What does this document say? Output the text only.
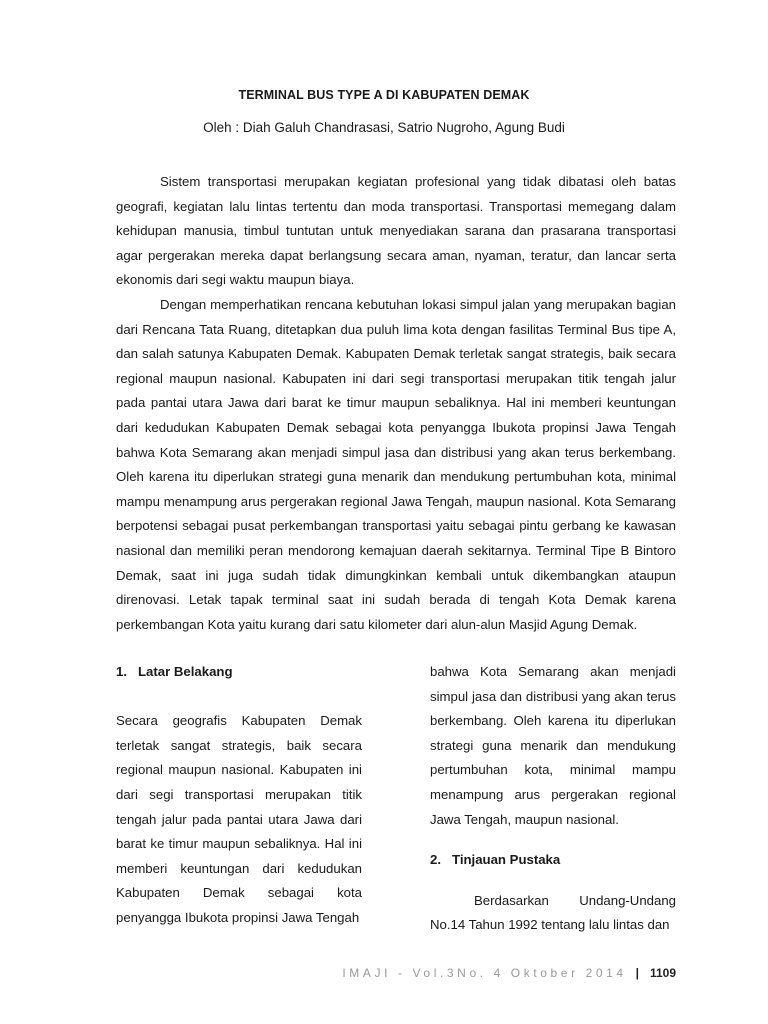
TERMINAL BUS TYPE A DI KABUPATEN DEMAK
Oleh : Diah Galuh Chandrasasi, Satrio Nugroho, Agung Budi

Sistem transportasi merupakan kegiatan profesional yang tidak dibatasi oleh batas geografi, kegiatan lalu lintas tertentu dan moda transportasi. Transportasi memegang dalam kehidupan manusia, timbul tuntutan untuk menyediakan sarana dan prasarana transportasi agar pergerakan mereka dapat berlangsung secara aman, nyaman, teratur, dan lancar serta ekonomis dari segi waktu maupun biaya.

Dengan memperhatikan rencana kebutuhan lokasi simpul jalan yang merupakan bagian dari Rencana Tata Ruang, ditetapkan dua puluh lima kota dengan fasilitas Terminal Bus tipe A, dan salah satunya Kabupaten Demak. Kabupaten Demak terletak sangat strategis, baik secara regional maupun nasional. Kabupaten ini dari segi transportasi merupakan titik tengah jalur pada pantai utara Jawa dari barat ke timur maupun sebaliknya. Hal ini memberi keuntungan dari kedudukan Kabupaten Demak sebagai kota penyangga Ibukota propinsi Jawa Tengah bahwa Kota Semarang akan menjadi simpul jasa dan distribusi yang akan terus berkembang. Oleh karena itu diperlukan strategi guna menarik dan mendukung pertumbuhan kota, minimal mampu menampung arus pergerakan regional Jawa Tengah, maupun nasional. Kota Semarang berpotensi sebagai pusat perkembangan transportasi yaitu sebagai pintu gerbang ke kawasan nasional dan memiliki peran mendorong kemajuan daerah sekitarnya. Terminal Tipe B Bintoro Demak, saat ini juga sudah tidak dimungkinkan kembali untuk dikembangkan ataupun direnovasi. Letak tapak terminal saat ini sudah berada di tengah Kota Demak karena perkembangan Kota yaitu kurang dari satu kilometer dari alun-alun Masjid Agung Demak.

1. Latar Belakang

Secara geografis Kabupaten Demak terletak sangat strategis, baik secara regional maupun nasional. Kabupaten ini dari segi transportasi merupakan titik tengah jalur pada pantai utara Jawa dari barat ke timur maupun sebaliknya. Hal ini memberi keuntungan dari kedudukan Kabupaten Demak sebagai kota penyangga Ibukota propinsi Jawa Tengah

bahwa Kota Semarang akan menjadi simpul jasa dan distribusi yang akan terus berkembang. Oleh karena itu diperlukan strategi guna menarik dan mendukung pertumbuhan kota, minimal mampu menampung arus pergerakan regional Jawa Tengah, maupun nasional.

2. Tinjauan Pustaka

Berdasarkan Undang-Undang No.14 Tahun 1992 tentang lalu lintas dan

IMAJI - Vol.3No. 4 Oktober 2014 | 1109
